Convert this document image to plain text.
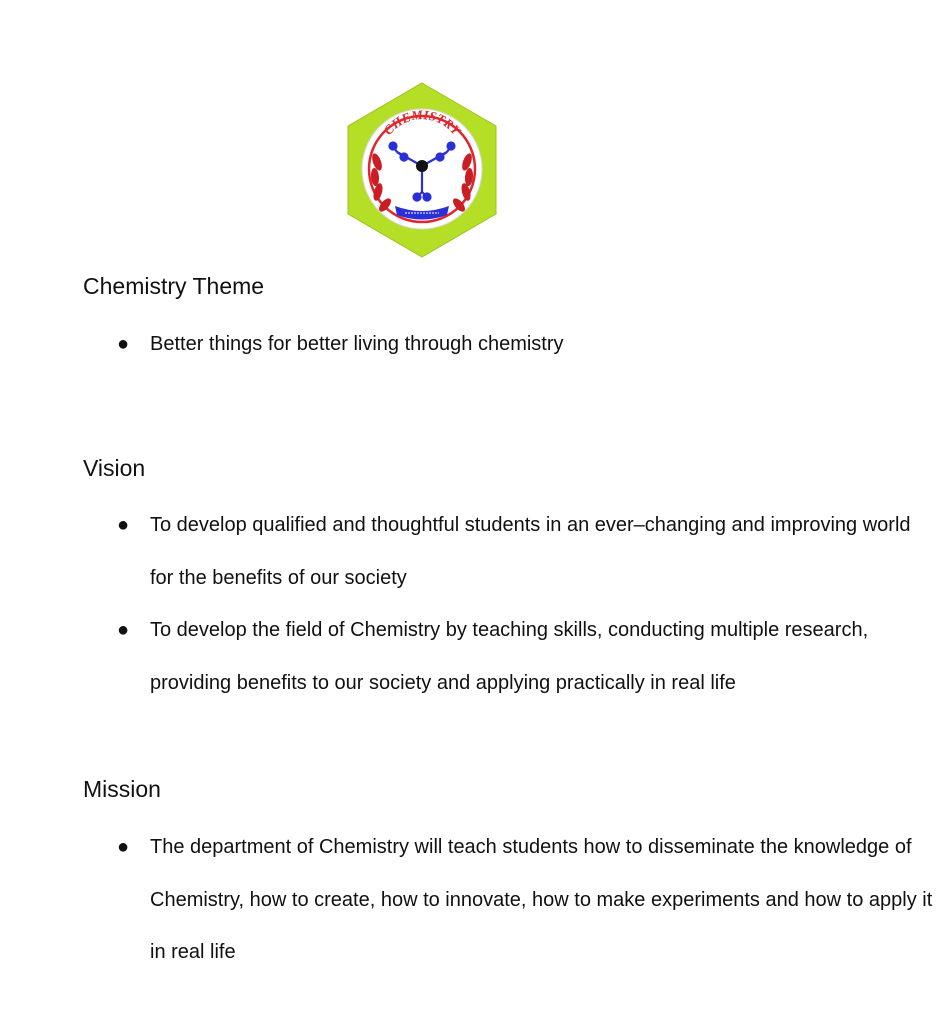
CHEMISTRY
Chemistry Theme
● Better things for better living through chemistry
Vision
● To develop qualified and thoughtful students in an ever–changing and improving world for the benefits of our society
● To develop the field of Chemistry by teaching skills, conducting multiple research, providing benefits to our society and applying practically in real life
Mission
● The department of Chemistry will teach students how to disseminate the knowledge of Chemistry, how to create, how to innovate, how to make experiments and how to apply it in real life
